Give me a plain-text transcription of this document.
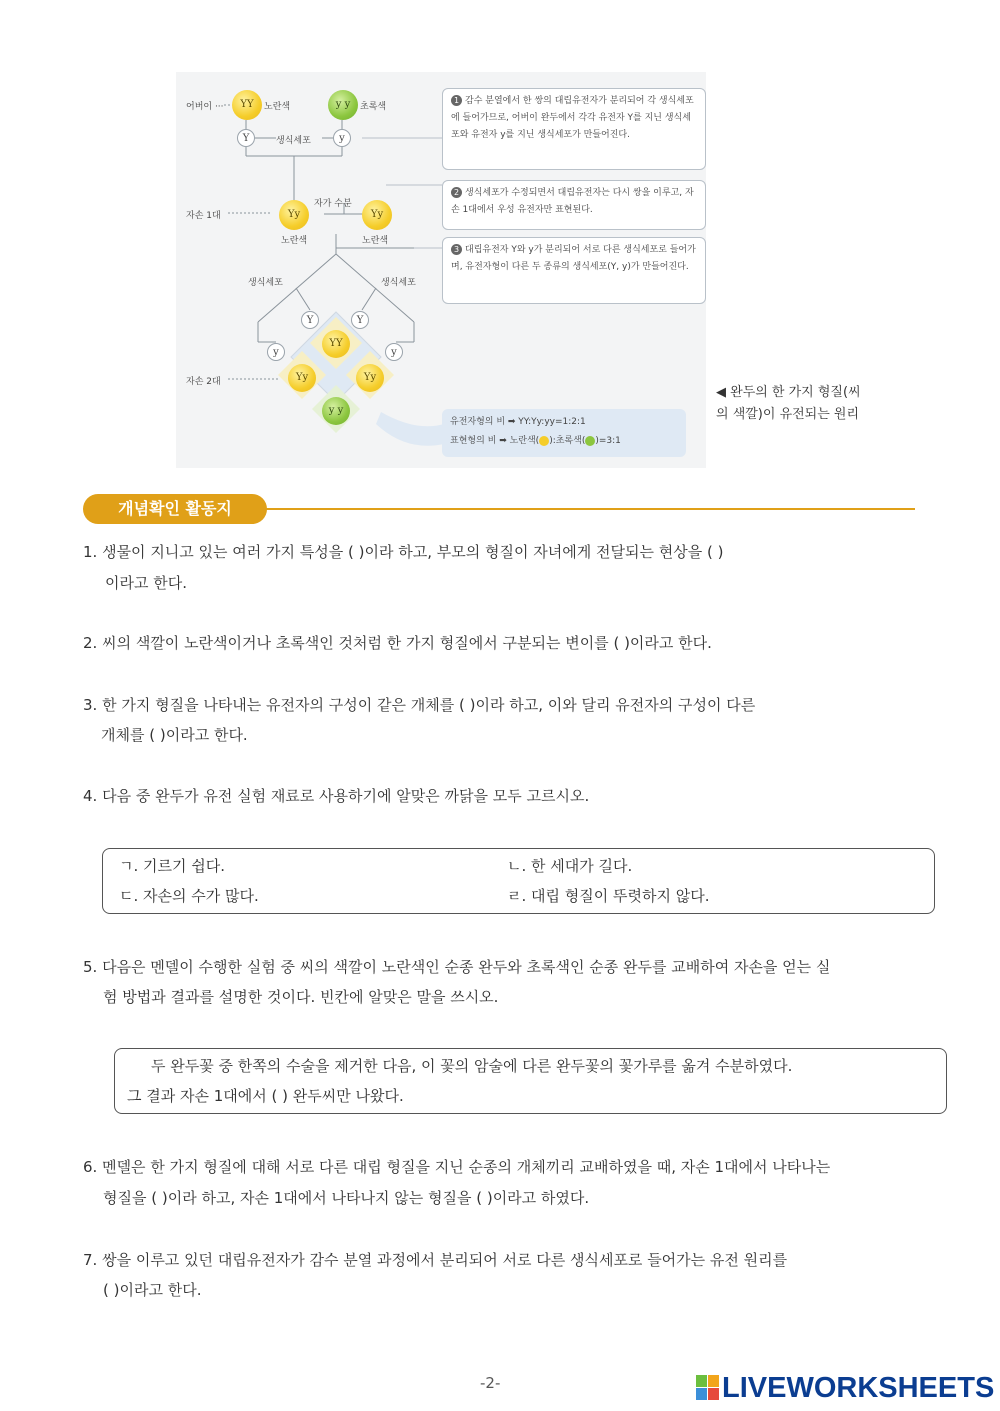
어버이 ···	YY	노란색	y y	초록색
Y	생식세포	y
자손 1대
자가 수분
Yy	Yy
노란색	노란색
생식세포	생식세포
Y	Y
y	y
자손 2대
YY
Yy	Yy
y y
1 감수 분열에서 한 쌍의 대립유전자가 분리되어 각 생식세포에 들어가므로, 어버이 완두에서 각각 유전자 Y를 지닌 생식세포와 유전자 y를 지닌 생식세포가 만들어진다.
2 생식세포가 수정되면서 대립유전자는 다시 쌍을 이루고, 자손 1대에서 우성 유전자만 표현된다.
3 대립유전자 Y와 y가 분리되어 서로 다른 생식세포로 들어가며, 유전자형이 다른 두 종류의 생식세포(Y, y)가 만들어진다.
유전자형의 비 ➡ YY:Yy:yy=1:2:1
표현형의 비 ➡ 노란색( ):초록색( )=3:1
◀ 완두의 한 가지 형질(씨의 색깔)이 유전되는 원리
개념확인 활동지
1. 생물이 지니고 있는 여러 가지 특성을 ( )이라 하고, 부모의 형질이 자녀에게 전달되는 현상을 ( )
이라고 한다.
2. 씨의 색깔이 노란색이거나 초록색인 것처럼 한 가지 형질에서 구분되는 변이를 ( )이라고 한다.
3. 한 가지 형질을 나타내는 유전자의 구성이 같은 개체를 ( )이라 하고, 이와 달리 유전자의 구성이 다른
개체를 ( )이라고 한다.
4. 다음 중 완두가 유전 실험 재료로 사용하기에 알맞은 까닭을 모두 고르시오.
ㄱ. 기르기 쉽다.	ㄴ. 한 세대가 길다.
ㄷ. 자손의 수가 많다.	ㄹ. 대립 형질이 뚜렷하지 않다.
5. 다음은 멘델이 수행한 실험 중 씨의 색깔이 노란색인 순종 완두와 초록색인 순종 완두를 교배하여 자손을 얻는 실
험 방법과 결과를 설명한 것이다. 빈칸에 알맞은 말을 쓰시오.
두 완두꽃 중 한쪽의 수술을 제거한 다음, 이 꽃의 암술에 다른 완두꽃의 꽃가루를 옮겨 수분하였다.
그 결과 자손 1대에서 ( ) 완두씨만 나왔다.
6. 멘델은 한 가지 형질에 대해 서로 다른 대립 형질을 지닌 순종의 개체끼리 교배하였을 때, 자손 1대에서 나타나는
형질을 ( )이라 하고, 자손 1대에서 나타나지 않는 형질을 ( )이라고 하였다.
7. 쌍을 이루고 있던 대립유전자가 감수 분열 과정에서 분리되어 서로 다른 생식세포로 들어가는 유전 원리를
( )이라고 한다.
-2-	LIVEWORKSHEETS
